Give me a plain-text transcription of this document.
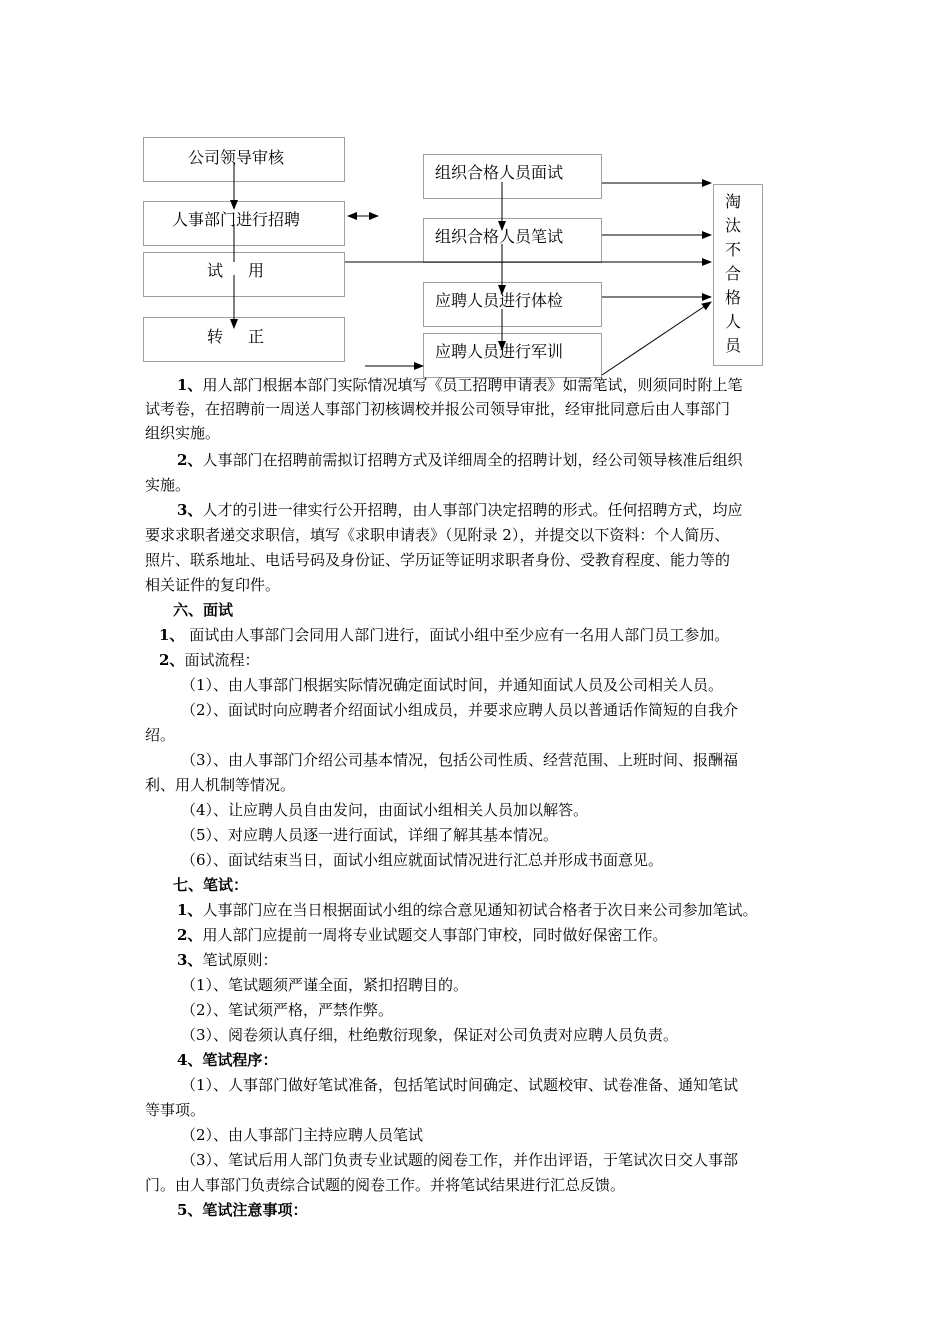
公司领导审核
人事部门进行招聘
试 用
转 正
组织合格人员面试
组织合格人员笔试
应聘人员进行体检
应聘人员进行军训
淘
汰
不
合
格
人
员
1、用人部门根据本部门实际情况填写《员工招聘申请表》如需笔试，则须同时附上笔
试考卷，在招聘前一周送人事部门初核调校并报公司领导审批，经审批同意后由人事部门
组织实施。
2、人事部门在招聘前需拟订招聘方式及详细周全的招聘计划，经公司领导核准后组织
实施。
3、人才的引进一律实行公开招聘，由人事部门决定招聘的形式。任何招聘方式，均应
要求求职者递交求职信，填写《求职申请表》（见附录 2），并提交以下资料：个人简历、
照片、联系地址、电话号码及身份证、学历证等证明求职者身份、受教育程度、能力等的
相关证件的复印件。
六、面试
1、 面试由人事部门会同用人部门进行，面试小组中至少应有一名用人部门员工参加。
2、面试流程：
（1）、由人事部门根据实际情况确定面试时间，并通知面试人员及公司相关人员。
（2）、面试时向应聘者介绍面试小组成员，并要求应聘人员以普通话作简短的自我介
绍。
（3）、由人事部门介绍公司基本情况，包括公司性质、经营范围、上班时间、报酬福
利、用人机制等情况。
（4）、让应聘人员自由发问，由面试小组相关人员加以解答。
（5）、对应聘人员逐一进行面试，详细了解其基本情况。
（6）、面试结束当日，面试小组应就面试情况进行汇总并形成书面意见。
七、笔试：
1、人事部门应在当日根据面试小组的综合意见通知初试合格者于次日来公司参加笔试。
2、用人部门应提前一周将专业试题交人事部门审校，同时做好保密工作。
3、笔试原则：
（1）、笔试题须严谨全面，紧扣招聘目的。
（2）、笔试须严格，严禁作弊。
（3）、阅卷须认真仔细，杜绝敷衍现象，保证对公司负责对应聘人员负责。
4、笔试程序：
（1）、人事部门做好笔试准备，包括笔试时间确定、试题校审、试卷准备、通知笔试
等事项。
（2）、由人事部门主持应聘人员笔试
（3）、笔试后用人部门负责专业试题的阅卷工作，并作出评语，于笔试次日交人事部
门。由人事部门负责综合试题的阅卷工作。并将笔试结果进行汇总反馈。
5、笔试注意事项：
